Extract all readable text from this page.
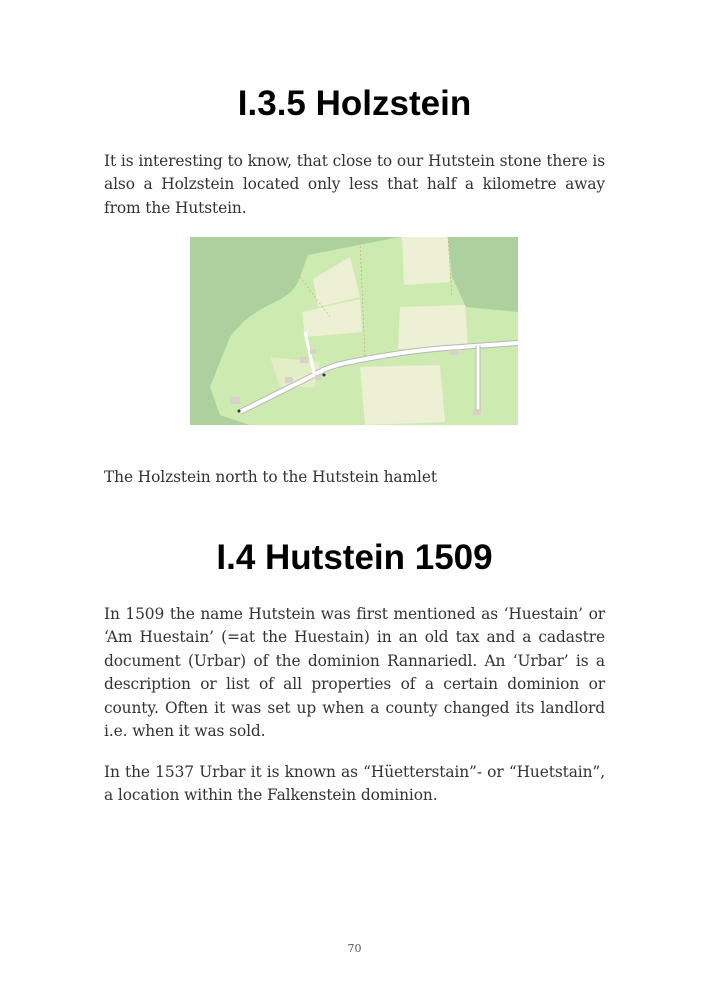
I.3.5 Holzstein

It is interesting to know, that close to our Hutstein stone there is also a Holzstein located only less that half a kilometre away from the Hutstein.

The Holzstein north to the Hutstein hamlet

I.4 Hutstein 1509

In 1509 the name Hutstein was first mentioned as ‘Huestain’ or ‘Am Huestain’ (=at the Huestain) in an old tax and a cadastre document (Urbar) of the dominion Rannariedl. An ‘Urbar’ is a description or list of all properties of a certain dominion or county. Often it was set up when a county changed its landlord i.e. when it was sold.

In the 1537 Urbar it is known as “Hüetterstain”- or “Huetstain”, a location within the Falkenstein dominion.

70
